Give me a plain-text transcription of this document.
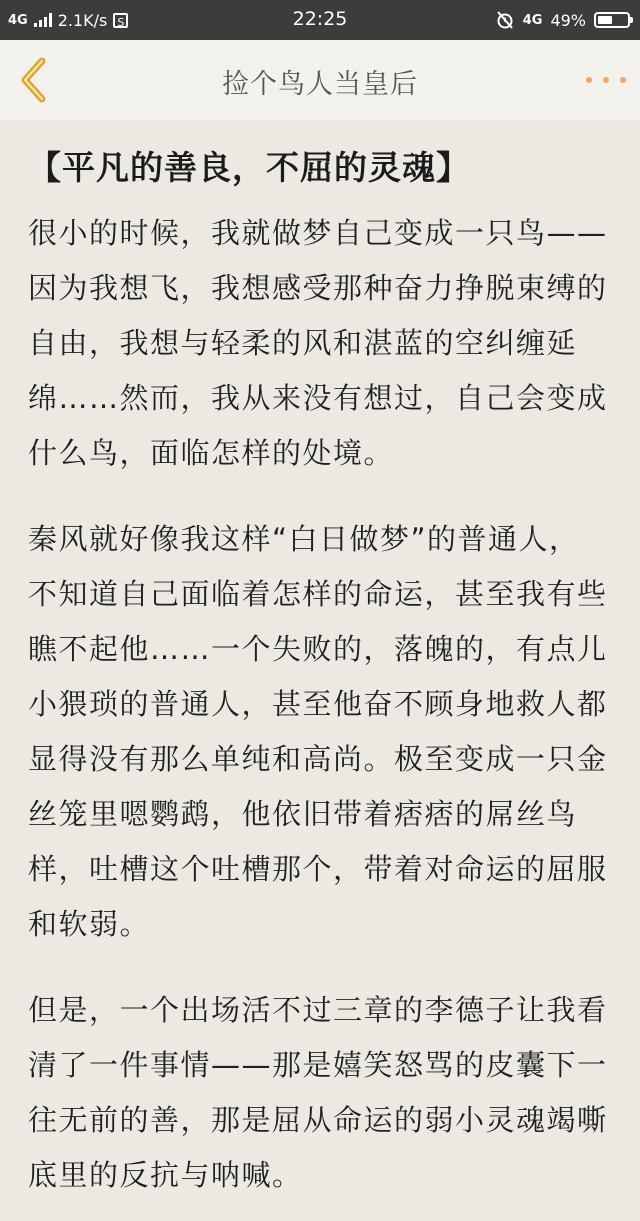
4G 2.1K/s S	22:25	4G 49%
捡个鸟人当皇后
【平凡的善良，不屈的灵魂】
很小的时候，我就做梦自己变成一只鸟——因为我想飞，我想感受那种奋力挣脱束缚的自由，我想与轻柔的风和湛蓝的空纠缠延绵……然而，我从来没有想过，自己会变成什么鸟，面临怎样的处境。
秦风就好像我这样“白日做梦”的普通人，不知道自己面临着怎样的命运，甚至我有些瞧不起他……一个失败的，落魄的，有点儿小猥琐的普通人，甚至他奋不顾身地救人都显得没有那么单纯和高尚。极至变成一只金丝笼里嗯鹦鹉，他依旧带着痞痞的屌丝鸟样，吐槽这个吐槽那个，带着对命运的屈服和软弱。
但是，一个出场活不过三章的李德子让我看清了一件事情——那是嬉笑怒骂的皮囊下一往无前的善，那是屈从命运的弱小灵魂竭嘶底里的反抗与呐喊。
